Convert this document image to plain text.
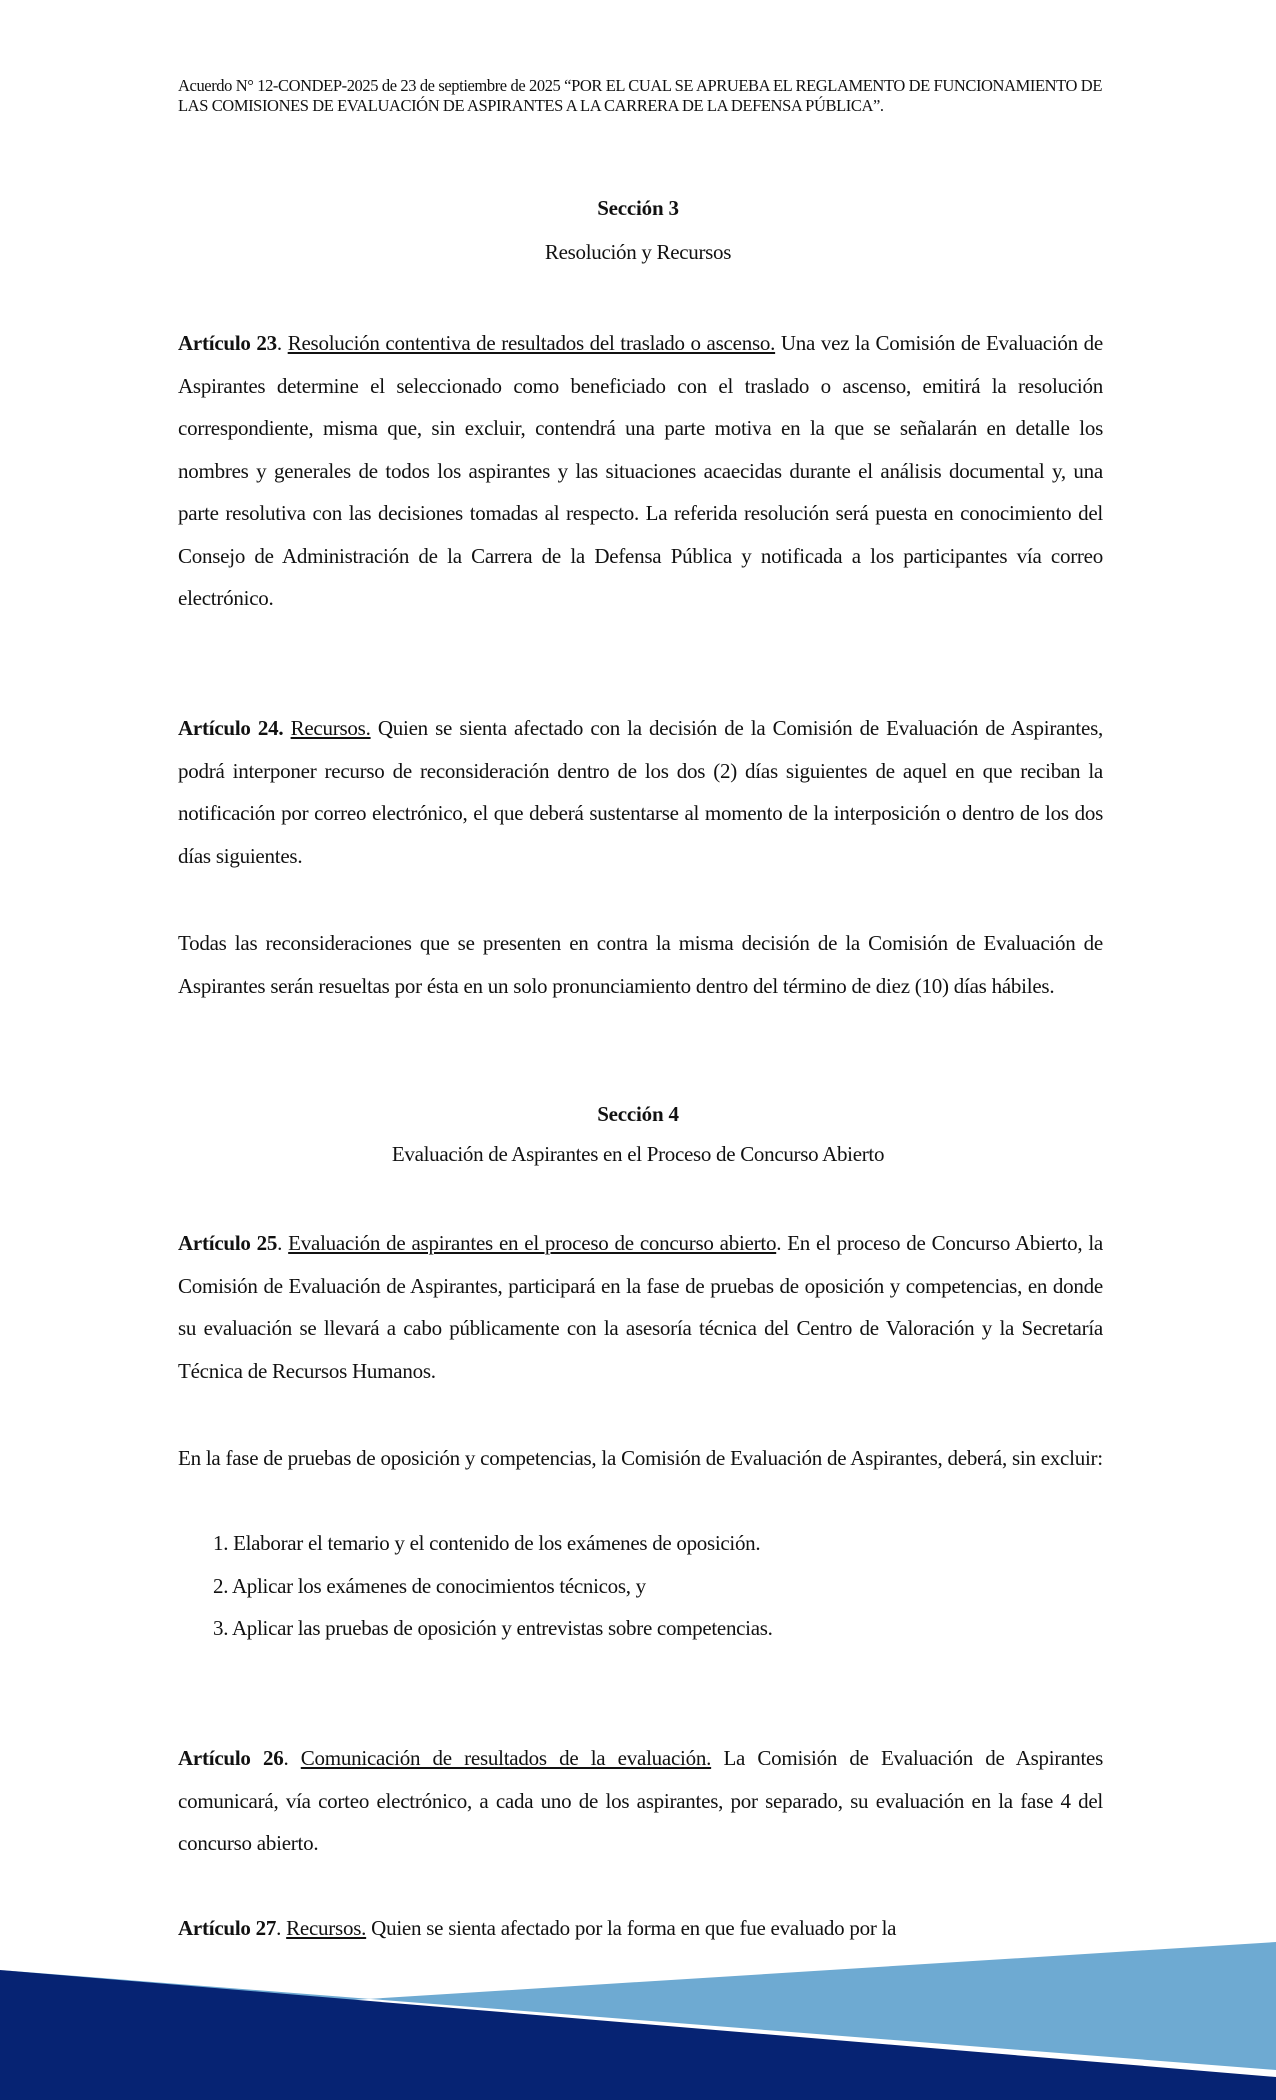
Acuerdo N° 12-CONDEP-2025 de 23 de septiembre de 2025 “POR EL CUAL SE APRUEBA EL REGLAMENTO DE FUNCIONAMIENTO DE LAS COMISIONES DE EVALUACIÓN DE ASPIRANTES A LA CARRERA DE LA DEFENSA PÚBLICA”.
Sección 3
Resolución y Recursos

Artículo 23. Resolución contentiva de resultados del traslado o ascenso. Una vez la Comisión de Evaluación de Aspirantes determine el seleccionado como beneficiado con el traslado o ascenso, emitirá la resolución correspondiente, misma que, sin excluir, contendrá una parte motiva en la que se señalarán en detalle los nombres y generales de todos los aspirantes y las situaciones acaecidas durante el análisis documental y, una parte resolutiva con las decisiones tomadas al respecto. La referida resolución será puesta en conocimiento del Consejo de Administración de la Carrera de la Defensa Pública y notificada a los participantes vía correo electrónico.

Artículo 24. Recursos. Quien se sienta afectado con la decisión de la Comisión de Evaluación de Aspirantes, podrá interponer recurso de reconsideración dentro de los dos (2) días siguientes de aquel en que reciban la notificación por correo electrónico, el que deberá sustentarse al momento de la interposición o dentro de los dos días siguientes.

Todas las reconsideraciones que se presenten en contra la misma decisión de la Comisión de Evaluación de Aspirantes serán resueltas por ésta en un solo pronunciamiento dentro del término de diez (10) días hábiles.

Sección 4
Evaluación de Aspirantes en el Proceso de Concurso Abierto

Artículo 25. Evaluación de aspirantes en el proceso de concurso abierto. En el proceso de Concurso Abierto, la Comisión de Evaluación de Aspirantes, participará en la fase de pruebas de oposición y competencias, en donde su evaluación se llevará a cabo públicamente con la asesoría técnica del Centro de Valoración y la Secretaría Técnica de Recursos Humanos.

En la fase de pruebas de oposición y competencias, la Comisión de Evaluación de Aspirantes, deberá, sin excluir:

1. Elaborar el temario y el contenido de los exámenes de oposición.
2. Aplicar los exámenes de conocimientos técnicos, y
3. Aplicar las pruebas de oposición y entrevistas sobre competencias.

Artículo 26. Comunicación de resultados de la evaluación. La Comisión de Evaluación de Aspirantes comunicará, vía corteo electrónico, a cada uno de los aspirantes, por separado, su evaluación en la fase 4 del concurso abierto.

Artículo 27. Recursos. Quien se sienta afectado por la forma en que fue evaluado por la
